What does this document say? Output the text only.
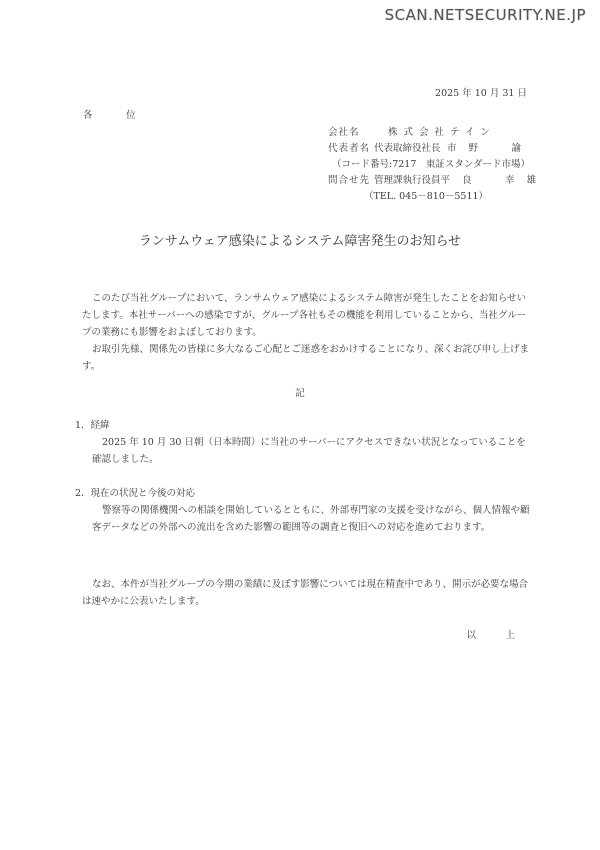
SCAN.NETSECURITY.NE.JP
2025 年 10 月 31 日
各　位
会社名	株式会社テイン
代表者名 代表取締役社長 市野　諭
（コード番号:7217　東証スタンダード市場）
問合せ先 管理課執行役員 平良　幸雄
（TEL. 045－810－5511）
ランサムウェア感染によるシステム障害発生のお知らせ
このたび当社グループにおいて、ランサムウェア感染によるシステム障害が発生したことをお知らせいたします。本社サーバーへの感染ですが、グループ各社もその機能を利用していることから、当社グループの業務にも影響をおよぼしております。
お取引先様、関係先の皆様に多大なるご心配とご迷惑をおかけすることになり、深くお詫び申し上げます。
記
1．経緯
2025 年 10 月 30 日朝（日本時間）に当社のサーバーにアクセスできない状況となっていることを確認しました。
2．現在の状況と今後の対応
警察等の関係機関への相談を開始しているとともに、外部専門家の支援を受けながら、個人情報や顧客データなどの外部への流出を含めた影響の範囲等の調査と復旧への対応を進めております。
なお、本件が当社グループの今期の業績に及ぼす影響については現在精査中であり、開示が必要な場合は速やかに公表いたします。
以　上
